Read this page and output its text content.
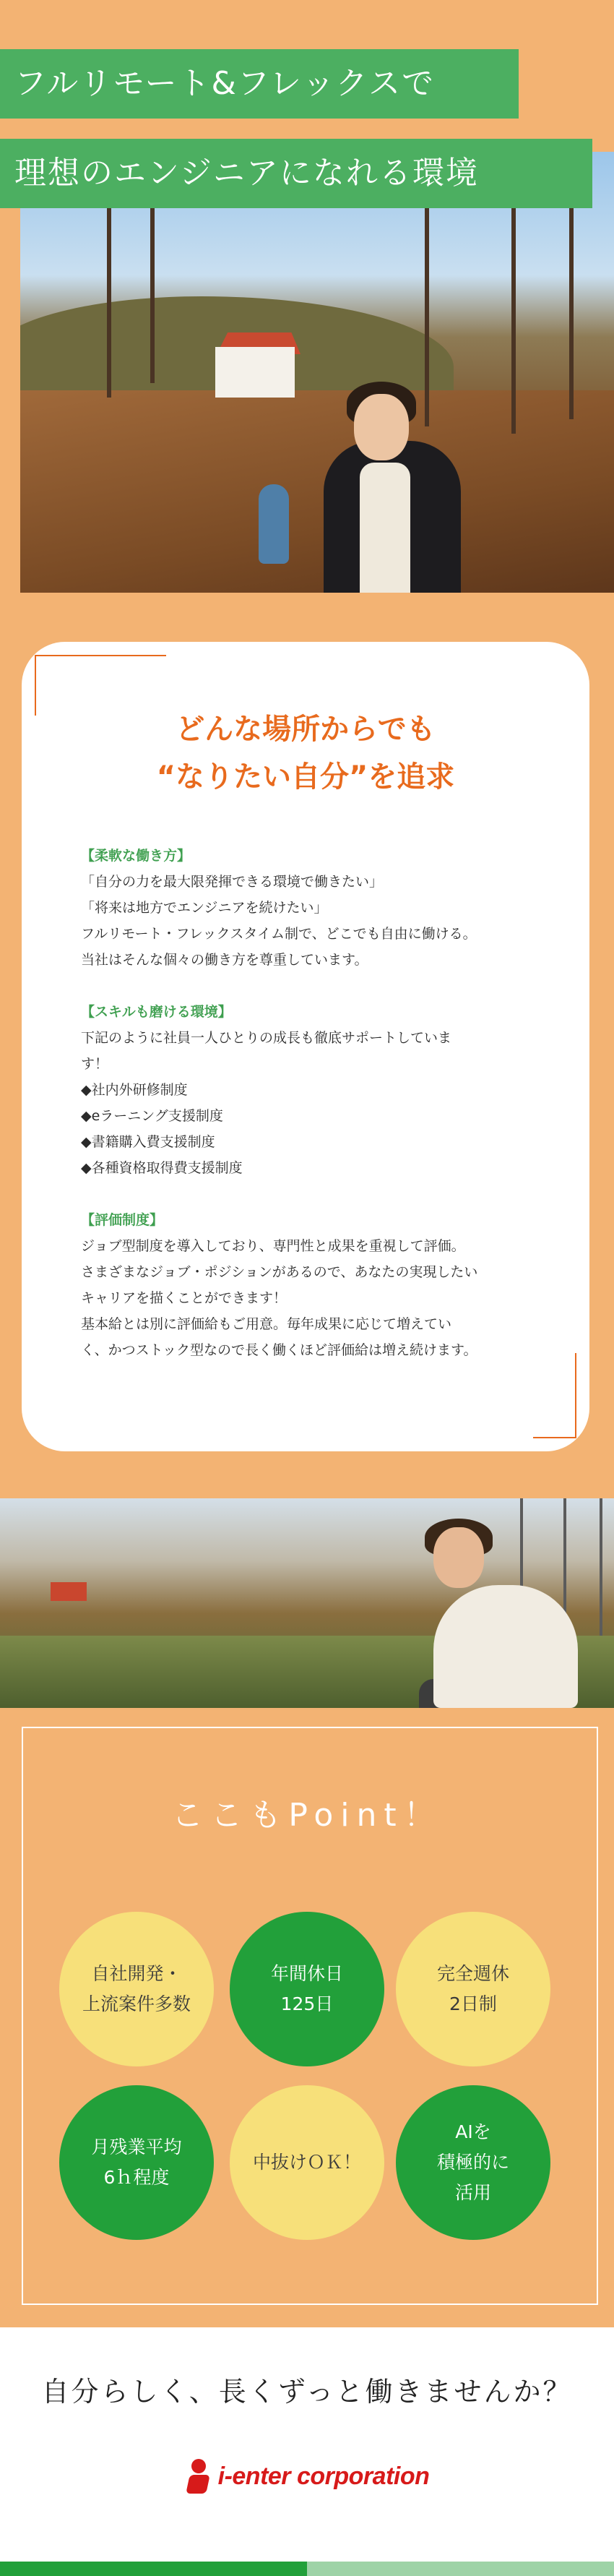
フルリモート&フレックスで
理想のエンジニアになれる環境
どんな場所からでも
“なりたい自分”を追求
【柔軟な働き方】
「自分の力を最大限発揮できる環境で働きたい」
「将来は地方でエンジニアを続けたい」
フルリモート・フレックスタイム制で、どこでも自由に働ける。
当社はそんな個々の働き方を尊重しています。
【スキルも磨ける環境】
下記のように社員一人ひとりの成長も徹底サポートしていま
す！
◆社内外研修制度
◆eラーニング支援制度
◆書籍購入費支援制度
◆各種資格取得費支援制度
【評価制度】
ジョブ型制度を導入しており、専門性と成果を重視して評価。
さまざまなジョブ・ポジションがあるので、あなたの実現したい
キャリアを描くことができます！
基本給とは別に評価給もご用意。毎年成果に応じて増えてい
く、かつストック型なので長く働くほど評価給は増え続けます。
ここもPoint！
自社開発・
上流案件多数
年間休日
125日
完全週休
2日制
月残業平均
6ｈ程度
中抜けＯＫ！
AIを
積極的に
活用
自分らしく、長くずっと働きませんか？
i-enter corporation
